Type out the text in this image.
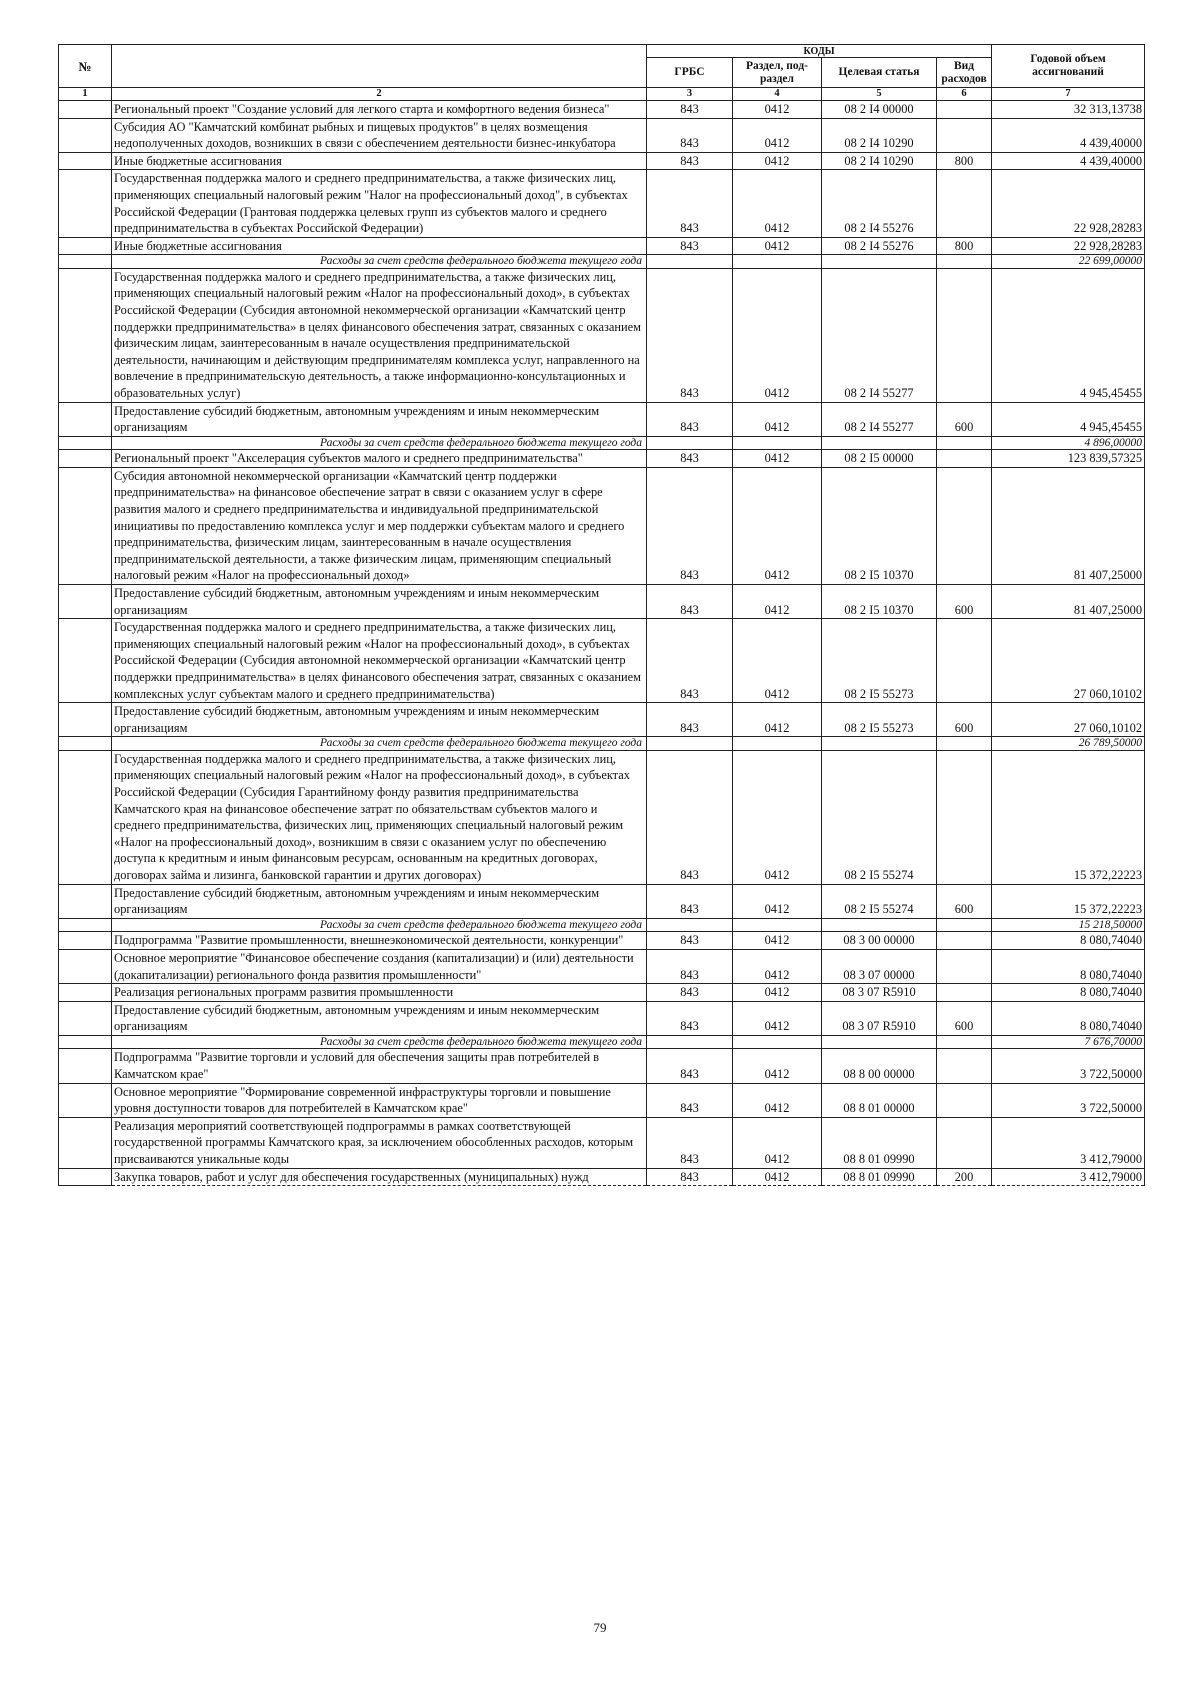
№		КОДЫ				Годовой объем ассигнований
		ГРБС	Раздел, под-раздел	Целевая статья	Вид расходов	
1	2	3	4	5	6	7
	Региональный проект "Создание условий для легкого старта и комфортного ведения бизнеса"	843	0412	08 2 I4 00000		32 313,13738
	Субсидия АО "Камчатский комбинат рыбных и пищевых продуктов" в целях возмещения недополученных доходов, возникших в связи с обеспечением деятельности бизнес-инкубатора	843	0412	08 2 I4 10290		4 439,40000
	Иные бюджетные ассигнования	843	0412	08 2 I4 10290	800	4 439,40000
	Государственная поддержка малого и среднего предпринимательства, а также физических лиц, применяющих специальный налоговый режим "Налог на профессиональный доход", в субъектах Российской Федерации (Грантовая поддержка целевых групп из субъектов малого и среднего предпринимательства в субъектах Российской Федерации)	843	0412	08 2 I4 55276		22 928,28283
	Иные бюджетные ассигнования	843	0412	08 2 I4 55276	800	22 928,28283
	Расходы за счет средств федерального бюджета текущего года					22 699,00000
	Государственная поддержка малого и среднего предпринимательства, а также физических лиц, применяющих специальный налоговый режим «Налог на профессиональный доход», в субъектах Российской Федерации (Субсидия автономной некоммерческой организации «Камчатский центр поддержки предпринимательства» в целях финансового обеспечения затрат, связанных с оказанием физическим лицам, заинтересованным в начале осуществления предпринимательской деятельности, начинающим и действующим предпринимателям комплекса услуг, направленного на вовлечение в предпринимательскую деятельность, а также информационно-консультационных и образовательных услуг)	843	0412	08 2 I4 55277		4 945,45455
	Предоставление субсидий бюджетным, автономным учреждениям и иным некоммерческим организациям	843	0412	08 2 I4 55277	600	4 945,45455
	Расходы за счет средств федерального бюджета текущего года					4 896,00000
	Региональный проект "Акселерация субъектов малого и среднего предпринимательства"	843	0412	08 2 I5 00000		123 839,57325
	Субсидия автономной некоммерческой организации «Камчатский центр поддержки предпринимательства» на финансовое обеспечение затрат в связи с оказанием услуг в сфере развития малого и среднего предпринимательства и индивидуальной предпринимательской инициативы по предоставлению комплекса услуг и мер поддержки субъектам малого и среднего предпринимательства, физическим лицам, заинтересованным в начале осуществления предпринимательской деятельности, а также физическим лицам, применяющим специальный налоговый режим «Налог на профессиональный доход»	843	0412	08 2 I5 10370		81 407,25000
	Предоставление субсидий бюджетным, автономным учреждениям и иным некоммерческим организациям	843	0412	08 2 I5 10370	600	81 407,25000
	Государственная поддержка малого и среднего предпринимательства, а также физических лиц, применяющих специальный налоговый режим «Налог на профессиональный доход», в субъектах Российской Федерации (Субсидия автономной некоммерческой организации «Камчатский центр поддержки предпринимательства» в целях финансового обеспечения затрат, связанных с оказанием комплексных услуг субъектам малого и среднего предпринимательства)	843	0412	08 2 I5 55273		27 060,10102
	Предоставление субсидий бюджетным, автономным учреждениям и иным некоммерческим организациям	843	0412	08 2 I5 55273	600	27 060,10102
	Расходы за счет средств федерального бюджета текущего года					26 789,50000
	Государственная поддержка малого и среднего предпринимательства, а также физических лиц, применяющих специальный налоговый режим «Налог на профессиональный доход», в субъектах Российской Федерации (Субсидия Гарантийному фонду развития предпринимательства Камчатского края на финансовое обеспечение затрат по обязательствам субъектов малого и среднего предпринимательства, физических лиц, применяющих специальный налоговый режим «Налог на профессиональный доход», возникшим в связи с оказанием услуг по обеспечению доступа к кредитным и иным финансовым ресурсам, основанным на кредитных договорах, договорах займа и лизинга, банковской гарантии и других договорах)	843	0412	08 2 I5 55274		15 372,22223
	Предоставление субсидий бюджетным, автономным учреждениям и иным некоммерческим организациям	843	0412	08 2 I5 55274	600	15 372,22223
	Расходы за счет средств федерального бюджета текущего года					15 218,50000
	Подпрограмма "Развитие промышленности, внешнеэкономической деятельности, конкуренции"	843	0412	08 3 00 00000		8 080,74040
	Основное мероприятие "Финансовое обеспечение создания (капитализации) и (или) деятельности (докапитализации) регионального фонда развития промышленности"	843	0412	08 3 07 00000		8 080,74040
	Реализация региональных программ развития промышленности	843	0412	08 3 07 R5910		8 080,74040
	Предоставление субсидий бюджетным, автономным учреждениям и иным некоммерческим организациям	843	0412	08 3 07 R5910	600	8 080,74040
	Расходы за счет средств федерального бюджета текущего года					7 676,70000
	Подпрограмма "Развитие торговли и условий для обеспечения защиты прав потребителей в Камчатском крае"	843	0412	08 8 00 00000		3 722,50000
	Основное мероприятие "Формирование современной инфраструктуры торговли и повышение уровня доступности товаров для потребителей в Камчатском крае"	843	0412	08 8 01 00000		3 722,50000
	Реализация мероприятий соответствующей подпрограммы в рамках соответствующей государственной программы Камчатского края, за исключением обособленных расходов, которым присваиваются уникальные коды	843	0412	08 8 01 09990		3 412,79000
	Закупка товаров, работ и услуг для обеспечения государственных (муниципальных) нужд	843	0412	08 8 01 09990	200	3 412,79000
79
